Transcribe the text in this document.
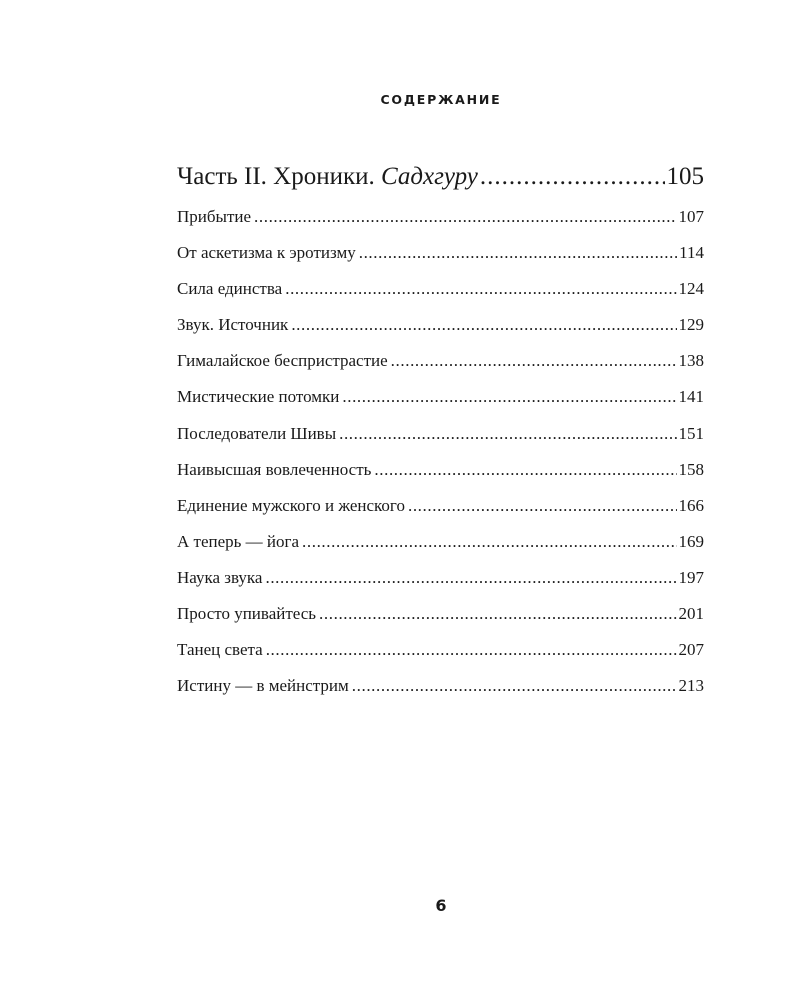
СОДЕРЖАНИЕ
Часть II. Хроники. Садхгуру .....	105
Прибытие .....	107
От аскетизма к эротизму .....	114
Сила единства .....	124
Звук. Источник .....	129
Гималайское беспристрастие .....	138
Мистические потомки .....	141
Последователи Шивы .....	151
Наивысшая вовлеченность .....	158
Единение мужского и женского .....	166
А теперь — йога .....	169
Наука звука .....	197
Просто упивайтесь .....	201
Танец света .....	207
Истину — в мейнстрим .....	213
6
